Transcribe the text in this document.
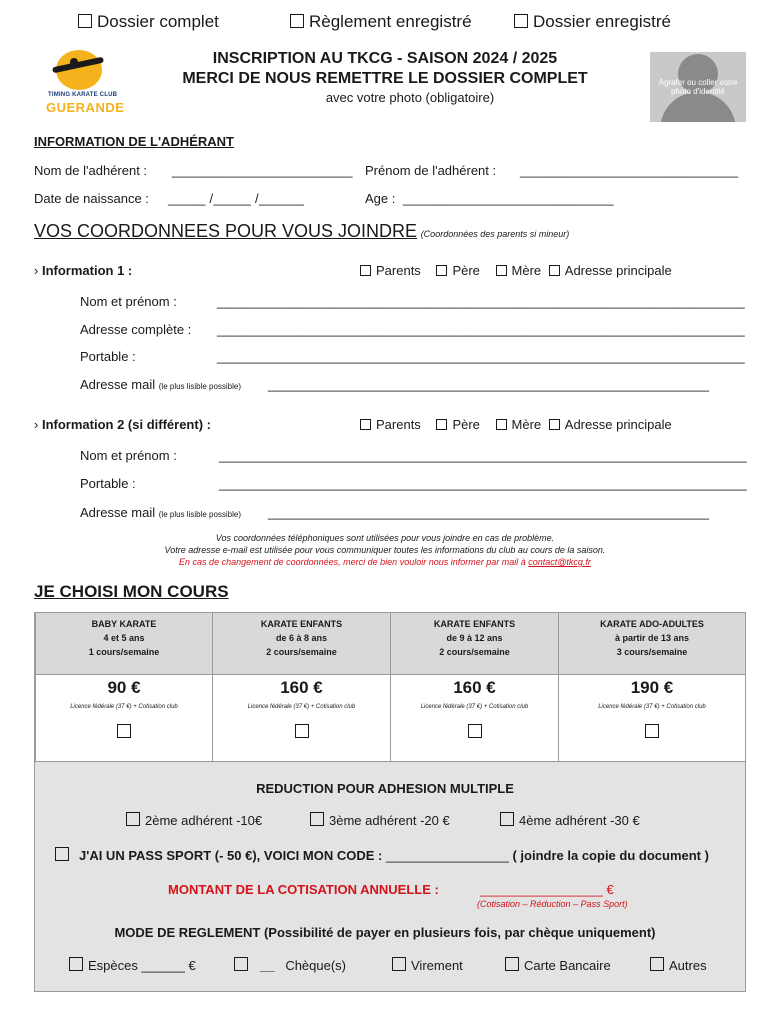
Dossier complet	Règlement enregistré	Dossier enregistré
TIMING KARATE CLUB
GUERANDE
INSCRIPTION AU TKCG - SAISON 2024 / 2025
MERCI DE NOUS REMETTRE LE DOSSIER COMPLET
avec votre photo (obligatoire)
Agrafer ou coller votre photo d'identité
INFORMATION DE L'ADHÉRANT
Nom de l'adhérent : ________________________ Prénom de l'adhérent : _____________________________
Date de naissance : _____ /_____ /______	Age : ____________________________
VOS COORDONNEES POUR VOUS JOINDRE (Coordonnées des parents si mineur)
› Information 1 :	Parents Père Mère Adresse principale
Nom et prénom :	_________________________________________________________________________
Adresse complète : _________________________________________________________________________
Portable :	_________________________________________________________________________
Adresse mail (le plus lisible possible) _____________________________________________________________
› Information 2 (si différent) :	Parents Père Mère Adresse principale
Nom et prénom :	_________________________________________________________________________
Portable :	_________________________________________________________________________
Adresse mail (le plus lisible possible) _____________________________________________________________
Vos coordonnées téléphoniques sont utilisées pour vous joindre en cas de problème.
Votre adresse e-mail est utilisée pour vous communiquer toutes les informations du club au cours de la saison.
En cas de changement de coordonnées, merci de bien vouloir nous informer par mail à contact@tkcg.fr
JE CHOISI MON COURS
BABY KARATE
4 et 5 ans
1 cours/semaine
90 €
Licence fédérale (37 €) + Cotisation club
KARATE ENFANTS
de 6 à 8 ans
2 cours/semaine
160 €
Licence fédérale (37 €) + Cotisation club
KARATE ENFANTS
de 9 à 12 ans
2 cours/semaine
160 €
Licence fédérale (37 €) + Cotisation club
KARATE ADO-ADULTES
à partir de 13 ans
3 cours/semaine
190 €
Licence fédérale (37 €) + Cotisation club
REDUCTION POUR ADHESION MULTIPLE
2ème adhérent -10€	3ème adhérent -20 €	4ème adhérent -30 €
J'AI UN PASS SPORT (- 50 €), VOICI MON CODE : _________________ ( joindre la copie du document )
MONTANT DE LA COTISATION ANNUELLE :	_________________ €
(Cotisation – Réduction – Pass Sport)
MODE DE REGLEMENT (Possibilité de payer en plusieurs fois, par chèque uniquement)
Espèces ______ €	__ Chèque(s)	Virement	Carte Bancaire	Autres
